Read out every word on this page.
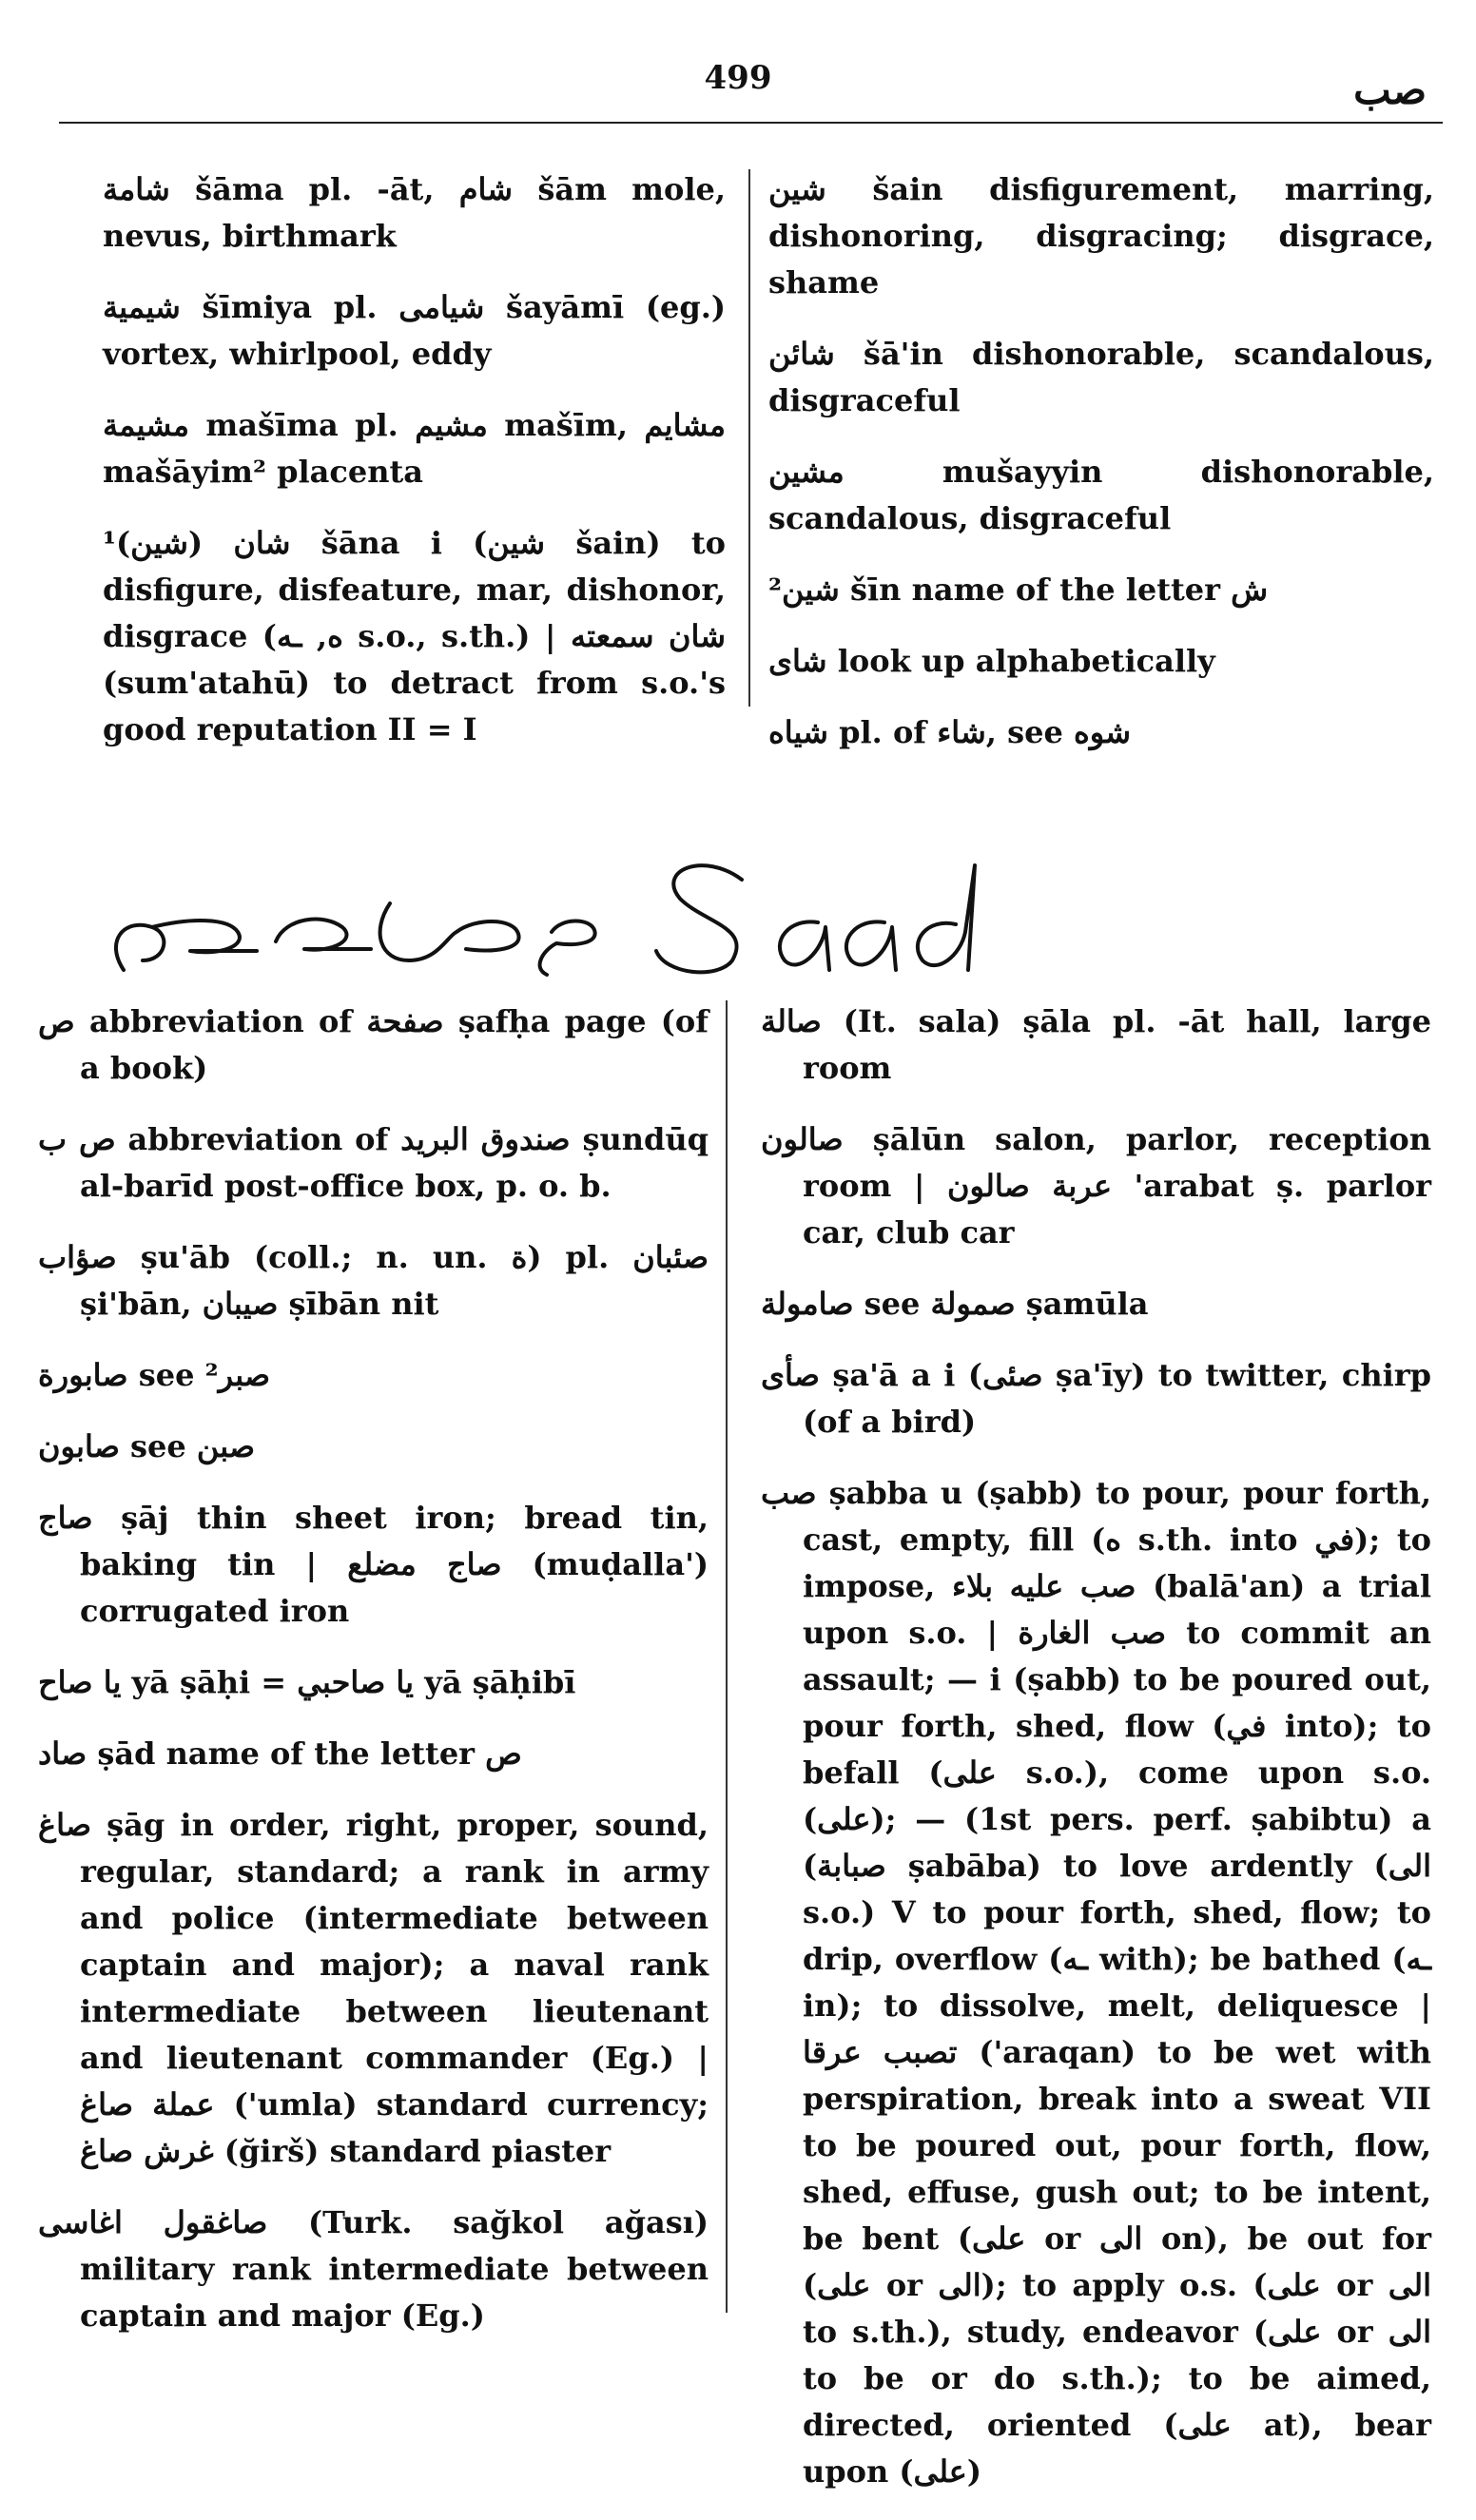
499	صب

شامة šāma pl. -āt, شام šām mole, nevus, birthmark

شيمية šīmiya pl. شيامى šayāmī (eg.) vortex, whirlpool, eddy

مشيمة mašīma pl. مشيم mašīm, مشايم mašāyim² placenta

¹(شين) شان šāna i (شين šain) to disfigure, disfeature, mar, dishonor, disgrace (ه, ـه s.o., s.th.) | شان سمعته (sum'atahū) to detract from s.o.'s good reputation II = I

شين šain disfigurement, marring, dishonoring, disgracing; disgrace, shame

شائن šā'in dishonorable, scandalous, disgraceful

مشين mušayyin dishonorable, scandalous, disgraceful

²شين šīn name of the letter ش

شاى look up alphabetically

شياه pl. of شاء, see شوه

ص abbreviation of صفحة ṣafḥa page (of a book)

ص ب abbreviation of صندوق البريد ṣundūq al-barīd post-office box, p. o. b.

صؤاب ṣu'āb (coll.; n. un. ة) pl. صئبان ṣi'bān, صيبان ṣībān nit

صابورة see صبر²

صابون see صبن

صاج ṣāj thin sheet iron; bread tin, baking tin | صاج مضلع (muḍalla') corrugated iron

يا صاح yā ṣāḥi = يا صاحبي yā ṣāḥibī

صاد ṣād name of the letter ص

صاغ ṣāg in order, right, proper, sound, regular, standard; a rank in army and police (intermediate between captain and major); a naval rank intermediate between lieutenant and lieutenant commander (Eg.) | عملة صاغ ('umla) standard currency; غرش صاغ (ğirš) standard piaster

صاغقول اغاسى (Turk. sağkol ağası) military rank intermediate between captain and major (Eg.)

صالة (It. sala) ṣāla pl. -āt hall, large room

صالون ṣālūn salon, parlor, reception room | عربة صالون 'arabat ṣ. parlor car, club car

صامولة see صمولة ṣamūla

صأى ṣa'ā a i (صئى ṣa'īy) to twitter, chirp (of a bird)

صب ṣabba u (ṣabb) to pour, pour forth, cast, empty, fill (ه s.th. into في); to impose, صب عليه بلاء (balā'an) a trial upon s.o. | صب الغارة to commit an assault; — i (ṣabb) to be poured out, pour forth, shed, flow (في into); to befall (على s.o.), come upon s.o. (على); — (1st pers. perf. ṣabibtu) a (صبابة ṣabāba) to love ardently (الى s.o.) V to pour forth, shed, flow; to drip, overflow (ـه with); be bathed (ـه in); to dissolve, melt, deliquesce | تصبب عرقا ('araqan) to be wet with perspiration, break into a sweat VII to be poured out, pour forth, flow, shed, effuse, gush out; to be intent, be bent (على or الى on), be out for (على or الى); to apply o.s. (على or الى to s.th.), study, endeavor (على or الى to be or do s.th.); to be aimed, directed, oriented (على at), bear upon (على)
